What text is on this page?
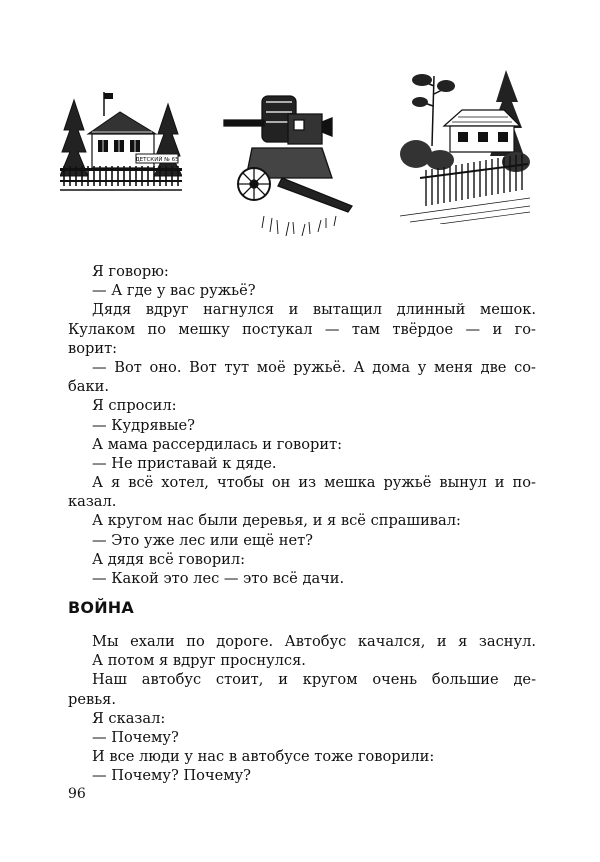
ДЕТСКИЙ № 65
Я говорю:
— А где у вас ружьё?
Дядя вдруг нагнулся и вытащил длинный мешок.
Кулаком по мешку постукал — там твёрдое — и го-
ворит:
— Вот оно. Вот тут моё ружьё. А дома у меня две со-
баки.
Я спросил:
— Кудрявые?
А мама рассердилась и говорит:
— Не приставай к дяде.
А я всё хотел, чтобы он из мешка ружьё вынул и по-
казал.
А кругом нас были деревья, и я всё спрашивал:
— Это уже лес или ещё нет?
А дядя всё говорил:
— Какой это лес — это всё дачи.
ВОЙНА
Мы ехали по дороге. Автобус качался, и я заснул.
А потом я вдруг проснулся.
Наш автобус стоит, и кругом очень большие де-
ревья.
Я сказал:
— Почему?
И все люди у нас в автобусе тоже говорили:
— Почему? Почему?
96
